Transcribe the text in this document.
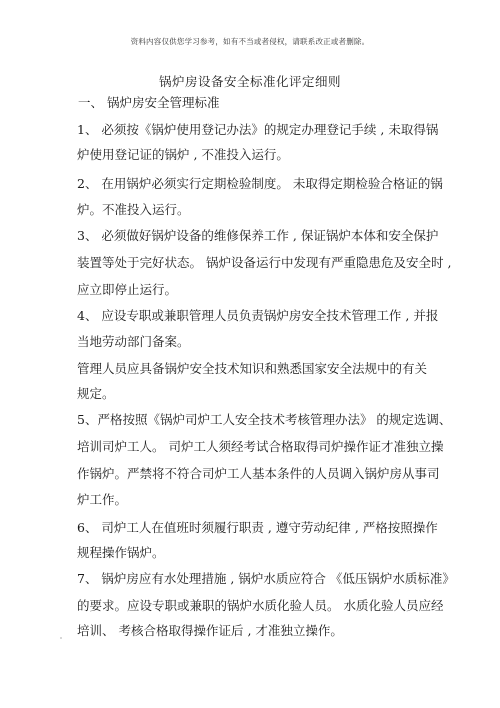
资料内容仅供您学习参考，如有不当或者侵权，请联系改正或者删除。
锅炉房设备安全标准化评定细则
一、 锅炉房安全管理标准
1、 必须按《锅炉使用登记办法》的规定办理登记手续 , 未取得锅
炉使用登记证的锅炉 , 不准投入运行。
2、 在用锅炉必须实行定期检验制度。 未取得定期检验合格证的锅
炉。不准投入运行。
3、 必须做好锅炉设备的维修保养工作 , 保证锅炉本体和安全保护
装置等处于完好状态。 锅炉设备运行中发现有严重隐患危及安全时 ,
应立即停止运行。
4、 应设专职或兼职管理人员负责锅炉房安全技术管理工作 , 并报
当地劳动部门备案。
管理人员应具备锅炉安全技术知识和熟悉国家安全法规中的有关
规定。
5、严格按照《锅炉司炉工人安全技术考核管理办法》 的规定选调、
培训司炉工人。 司炉工人须经考试合格取得司炉操作证才准独立操
作锅炉。严禁将不符合司炉工人基本条件的人员调入锅炉房从事司
炉工作。
6、 司炉工人在值班时须履行职责 , 遵守劳动纪律 , 严格按照操作
规程操作锅炉。
7、 锅炉房应有水处理措施 , 锅炉水质应符合 《低压锅炉水质标准》
的要求。应设专职或兼职的锅炉水质化验人员。 水质化验人员应经
培训、 考核合格取得操作证后 , 才准独立操作。
